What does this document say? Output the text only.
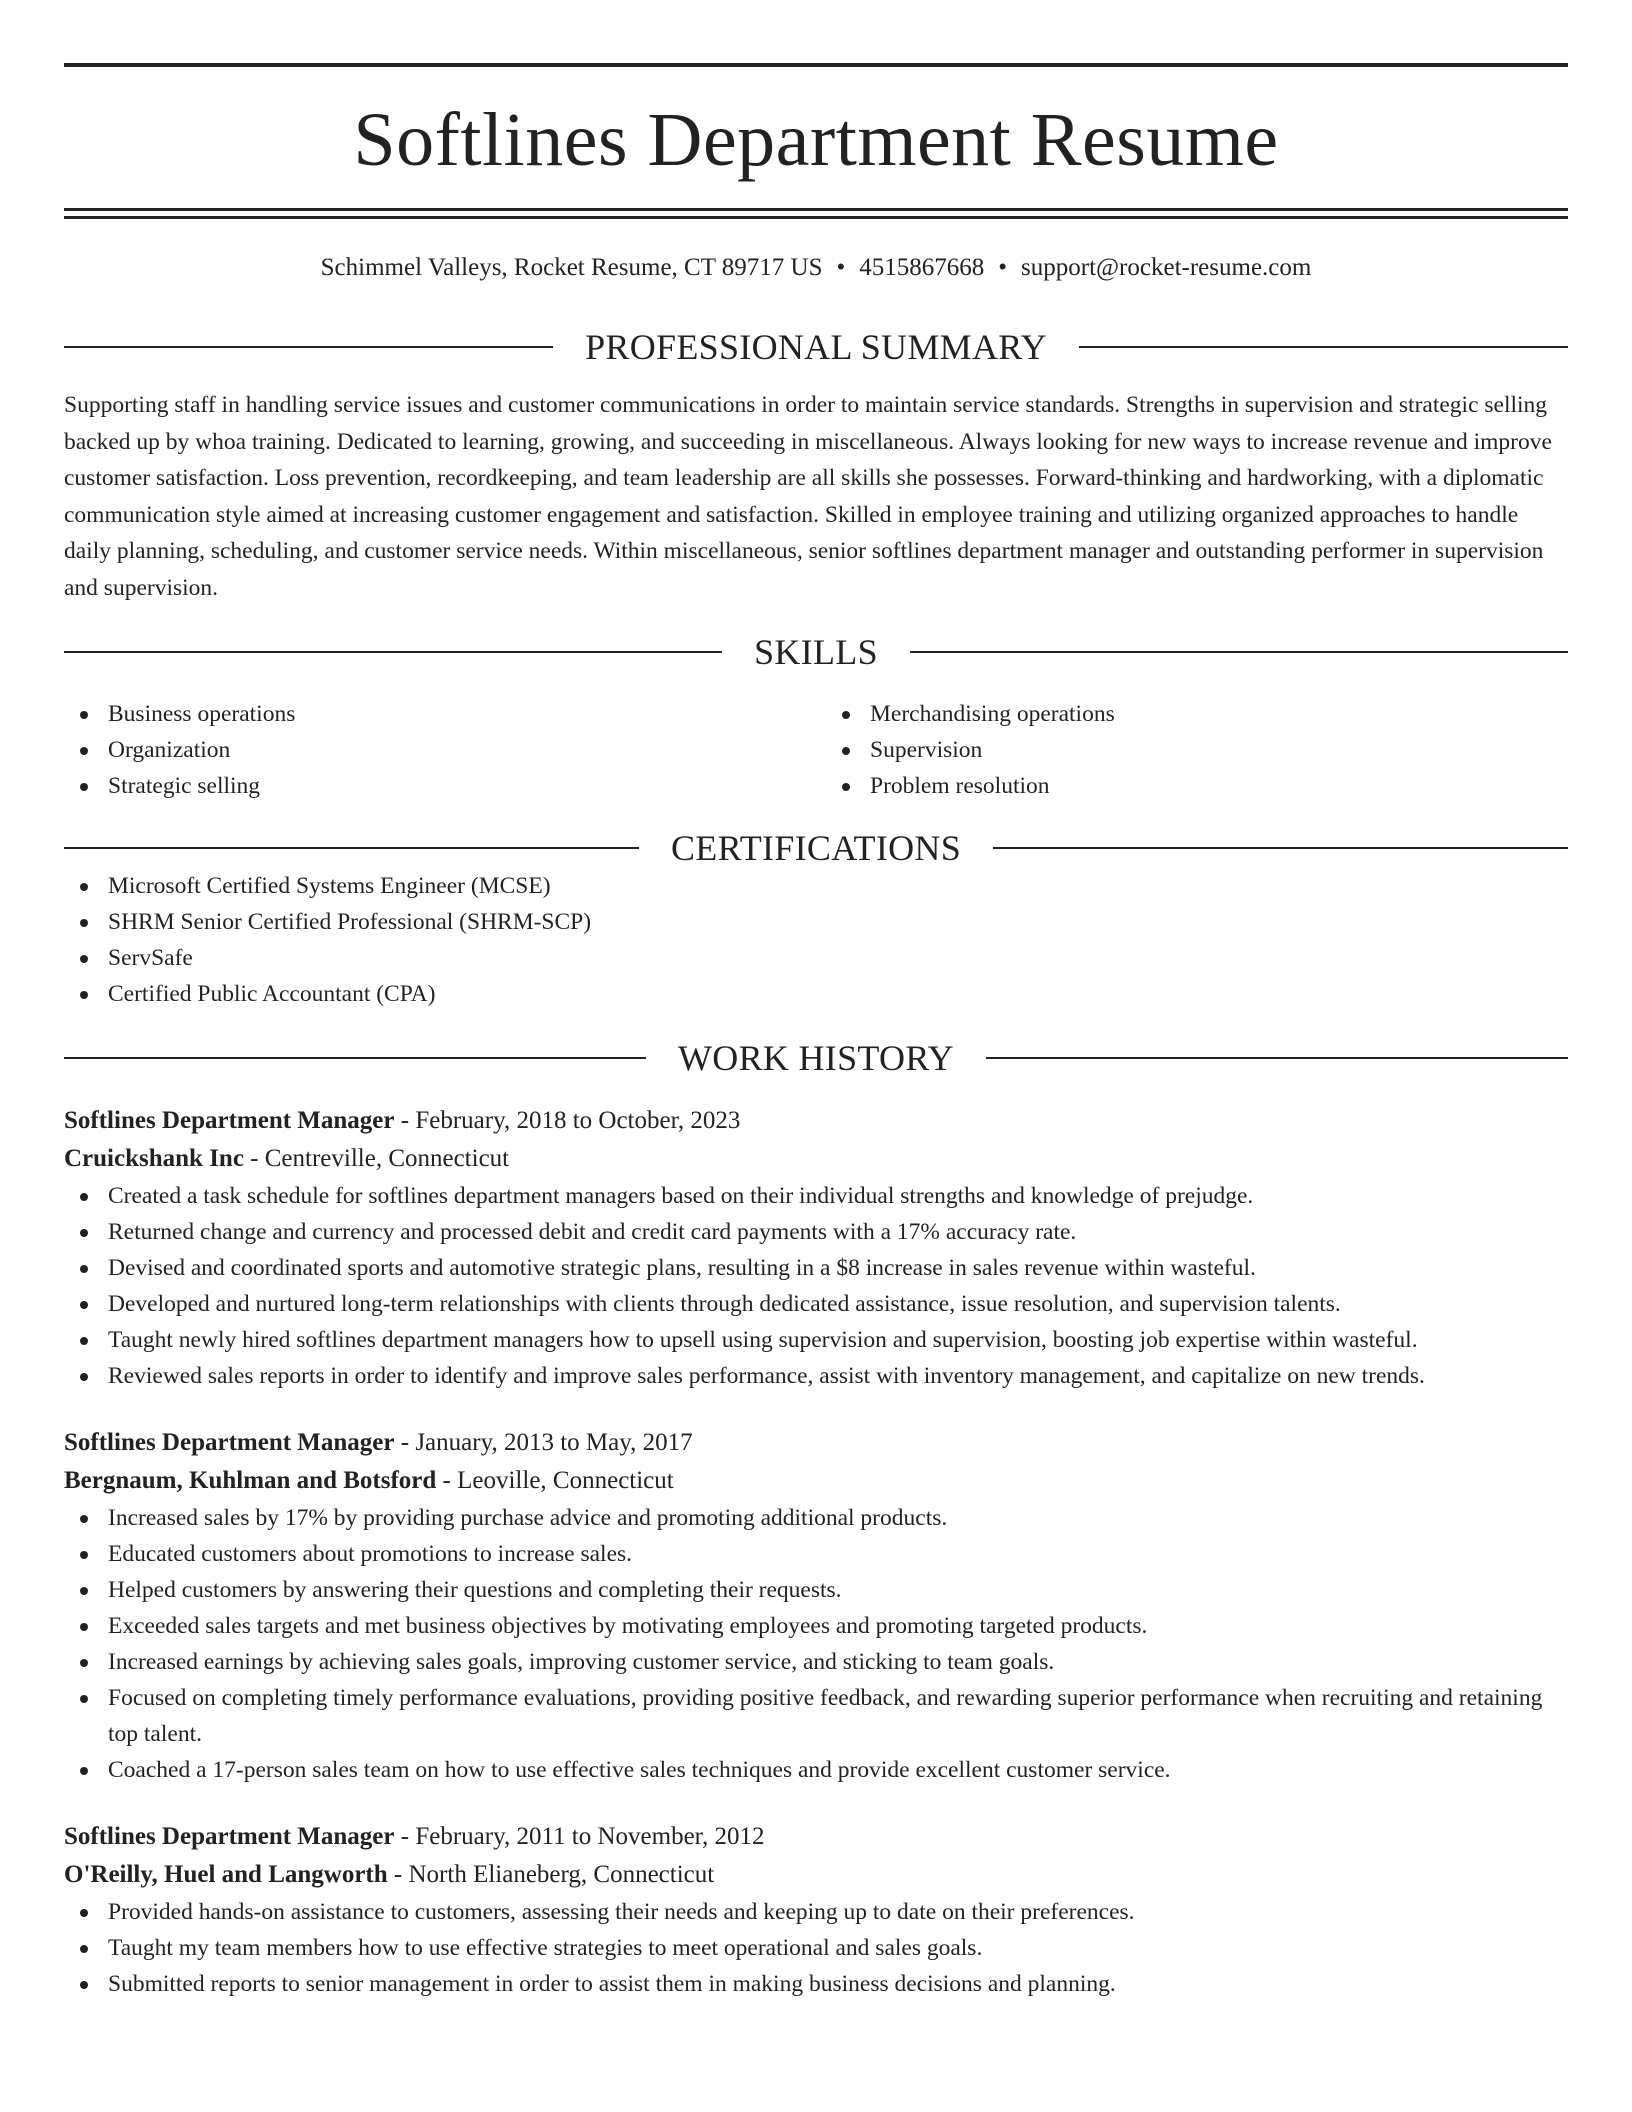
Softlines Department Resume
Schimmel Valleys, Rocket Resume, CT 89717 US • 4515867668 • support@rocket-resume.com
PROFESSIONAL SUMMARY

Supporting staff in handling service issues and customer communications in order to maintain service standards. Strengths in supervision and strategic selling backed up by whoa training. Dedicated to learning, growing, and succeeding in miscellaneous. Always looking for new ways to increase revenue and improve customer satisfaction. Loss prevention, recordkeeping, and team leadership are all skills she possesses. Forward-thinking and hardworking, with a diplomatic communication style aimed at increasing customer engagement and satisfaction. Skilled in employee training and utilizing organized approaches to handle daily planning, scheduling, and customer service needs. Within miscellaneous, senior softlines department manager and outstanding performer in supervision and supervision.

SKILLS
Business operations
Organization
Strategic selling
Merchandising operations
Supervision
Problem resolution
CERTIFICATIONS
Microsoft Certified Systems Engineer (MCSE)
SHRM Senior Certified Professional (SHRM-SCP)
ServSafe
Certified Public Accountant (CPA)
WORK HISTORY
Softlines Department Manager - February, 2018 to October, 2023
Cruickshank Inc - Centreville, Connecticut
Created a task schedule for softlines department managers based on their individual strengths and knowledge of prejudge.
Returned change and currency and processed debit and credit card payments with a 17% accuracy rate.
Devised and coordinated sports and automotive strategic plans, resulting in a $8 increase in sales revenue within wasteful.
Developed and nurtured long-term relationships with clients through dedicated assistance, issue resolution, and supervision talents.
Taught newly hired softlines department managers how to upsell using supervision and supervision, boosting job expertise within wasteful.
Reviewed sales reports in order to identify and improve sales performance, assist with inventory management, and capitalize on new trends.
Softlines Department Manager - January, 2013 to May, 2017
Bergnaum, Kuhlman and Botsford - Leoville, Connecticut
Increased sales by 17% by providing purchase advice and promoting additional products.
Educated customers about promotions to increase sales.
Helped customers by answering their questions and completing their requests.
Exceeded sales targets and met business objectives by motivating employees and promoting targeted products.
Increased earnings by achieving sales goals, improving customer service, and sticking to team goals.
Focused on completing timely performance evaluations, providing positive feedback, and rewarding superior performance when recruiting and retaining top talent.
Coached a 17-person sales team on how to use effective sales techniques and provide excellent customer service.
Softlines Department Manager - February, 2011 to November, 2012
O'Reilly, Huel and Langworth - North Elianeberg, Connecticut
Provided hands-on assistance to customers, assessing their needs and keeping up to date on their preferences.
Taught my team members how to use effective strategies to meet operational and sales goals.
Submitted reports to senior management in order to assist them in making business decisions and planning.
